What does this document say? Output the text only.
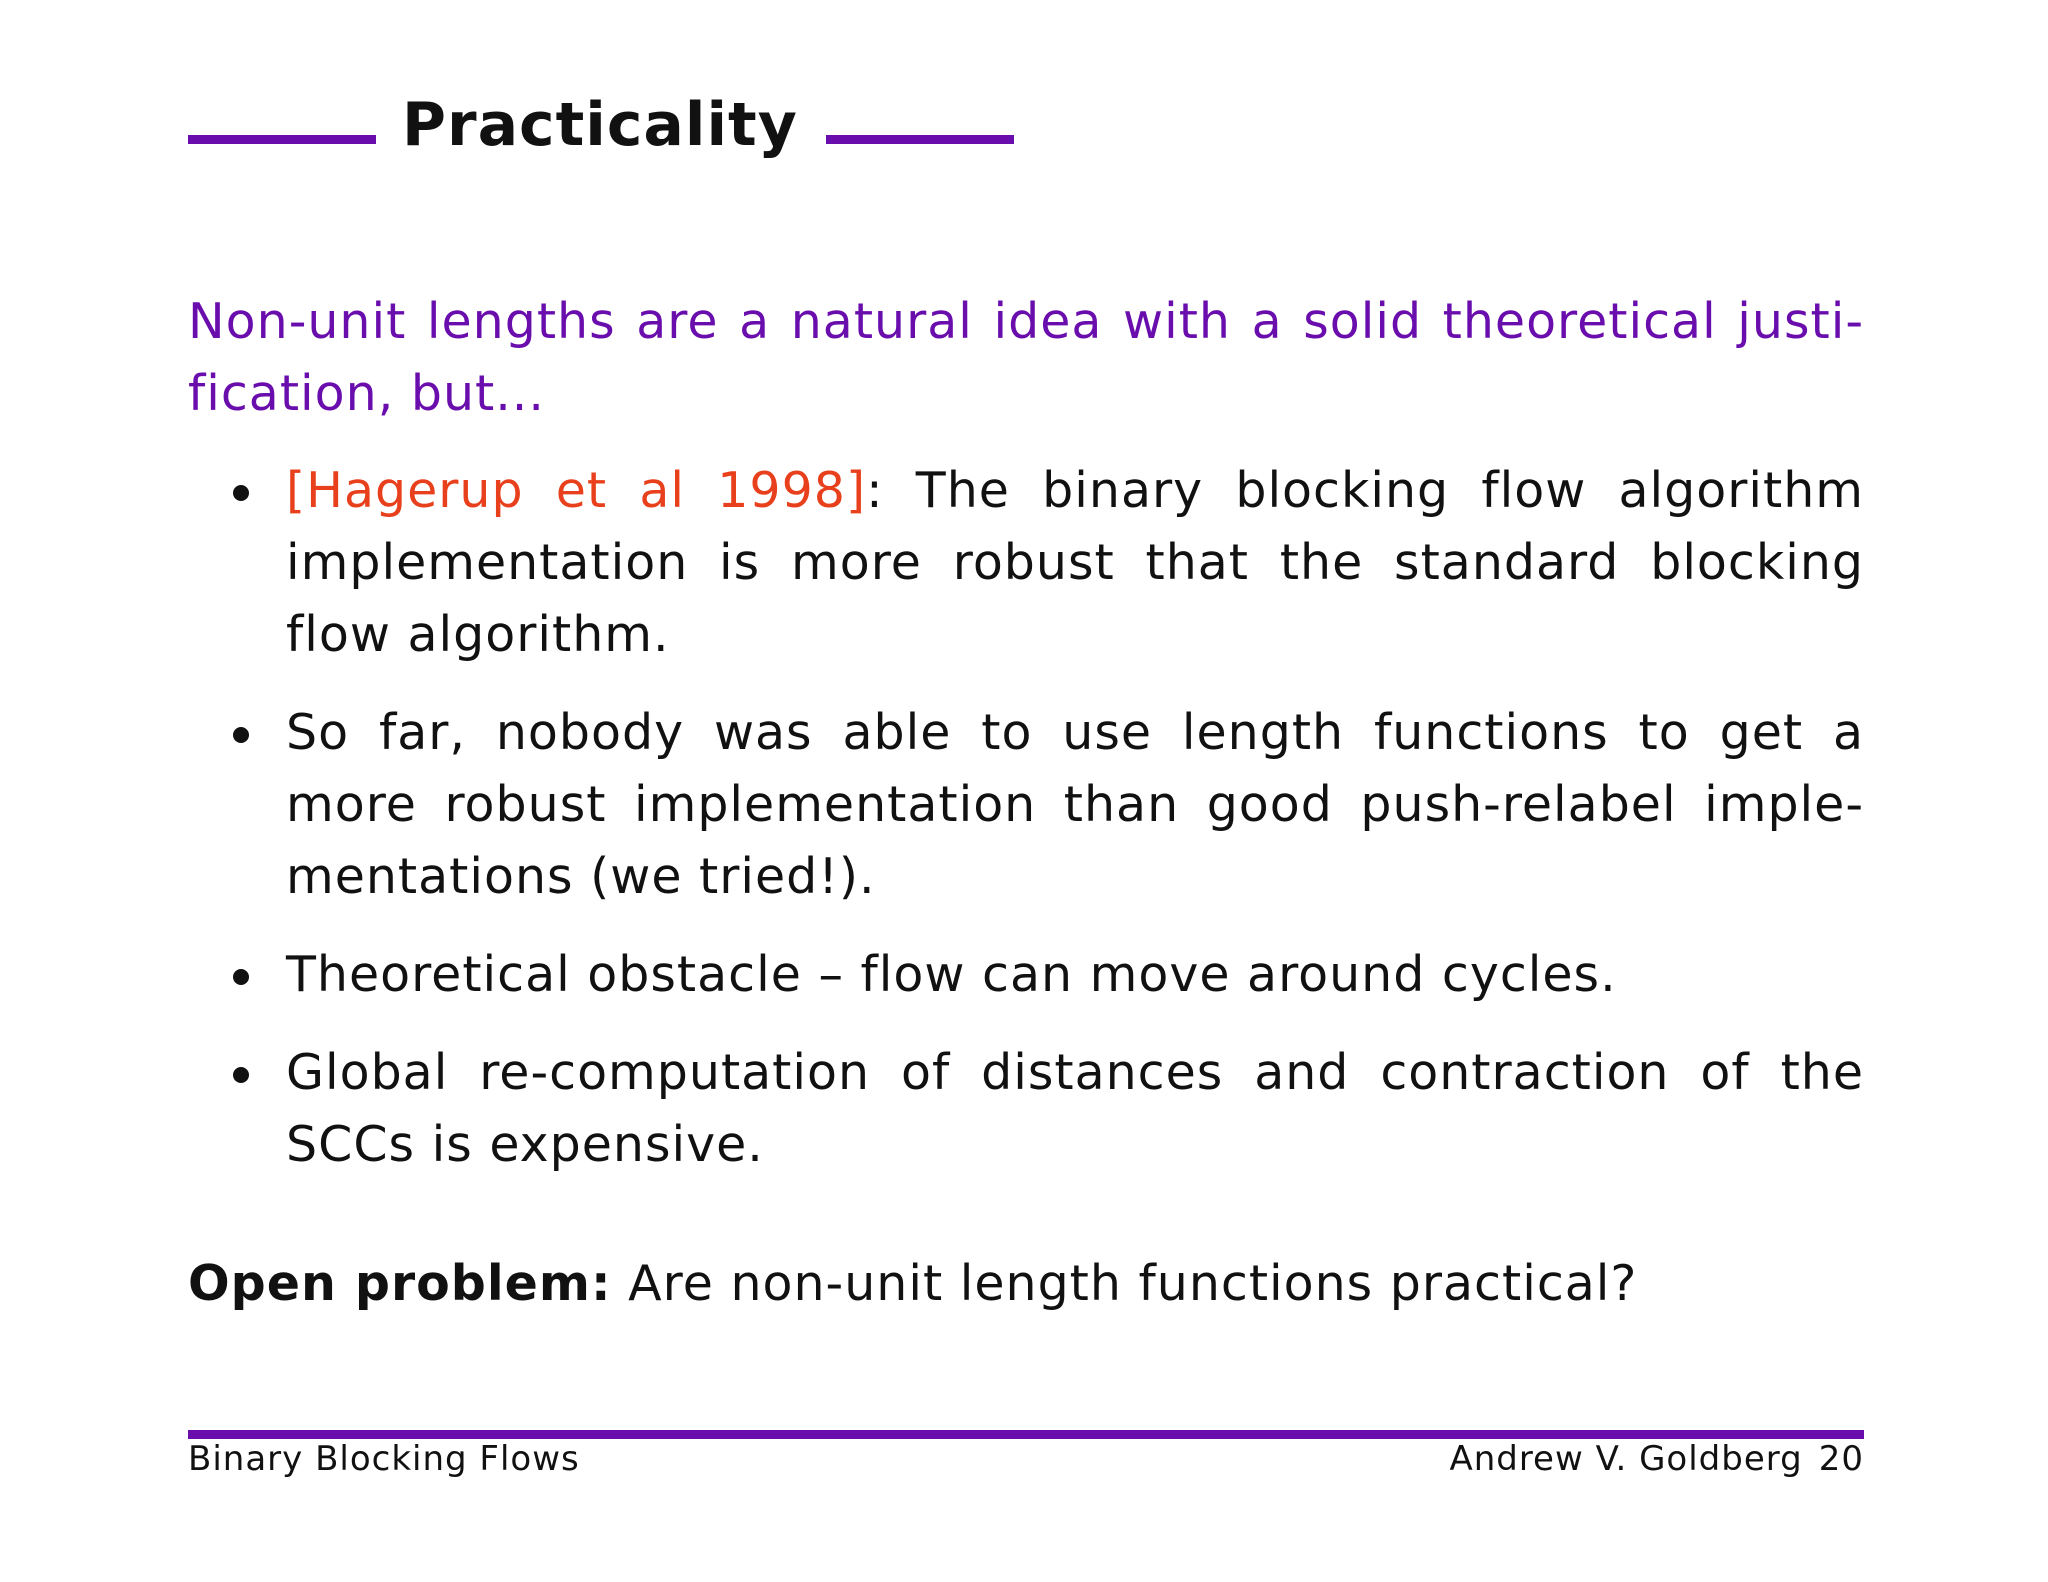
Practicality
Non-unit lengths are a natural idea with a solid theoretical justi-fication, but...
[Hagerup et al 1998]: The binary blocking flow algorithm implementation is more robust that the standard blocking flow algorithm.
So far, nobody was able to use length functions to get a more robust implementation than good push-relabel imple-mentations (we tried!).
Theoretical obstacle – flow can move around cycles.
Global re-computation of distances and contraction of the SCCs is expensive.
Open problem: Are non-unit length functions practical?
Binary Blocking Flows	Andrew V. Goldberg 20
